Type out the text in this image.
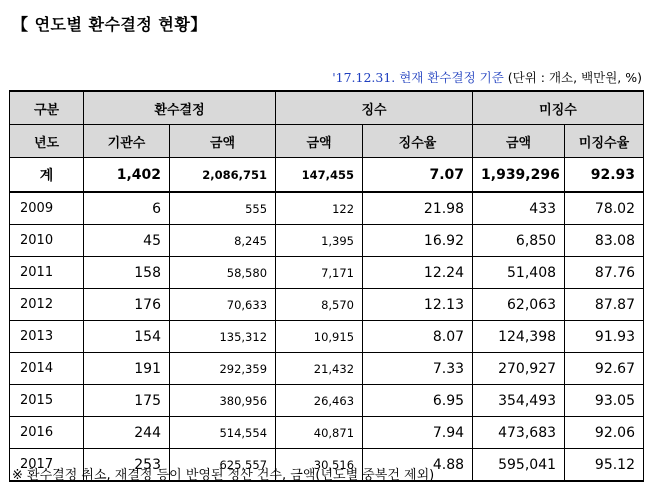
【 연도별 환수결정 현황】
'17.12.31. 현재 환수결정 기준 (단위 : 개소, 백만원, %)
구분	환수결정		징수		미징수	
년도	기관수	금액	금액	징수율	금액	미징수율
계	1,402	2,086,751	147,455	7.07	1,939,296	92.93
2009	6	555	122	21.98	433	78.02
2010	45	8,245	1,395	16.92	6,850	83.08
2011	158	58,580	7,171	12.24	51,408	87.76
2012	176	70,633	8,570	12.13	62,063	87.87
2013	154	135,312	10,915	8.07	124,398	91.93
2014	191	292,359	21,432	7.33	270,927	92.67
2015	175	380,956	26,463	6.95	354,493	93.05
2016	244	514,554	40,871	7.94	473,683	92.06
2017	253	625,557	30,516	4.88	595,041	95.12
※ 환수결정 취소, 재결정 등이 반영된 정산 건수, 금액(년도별 중복건 제외)
